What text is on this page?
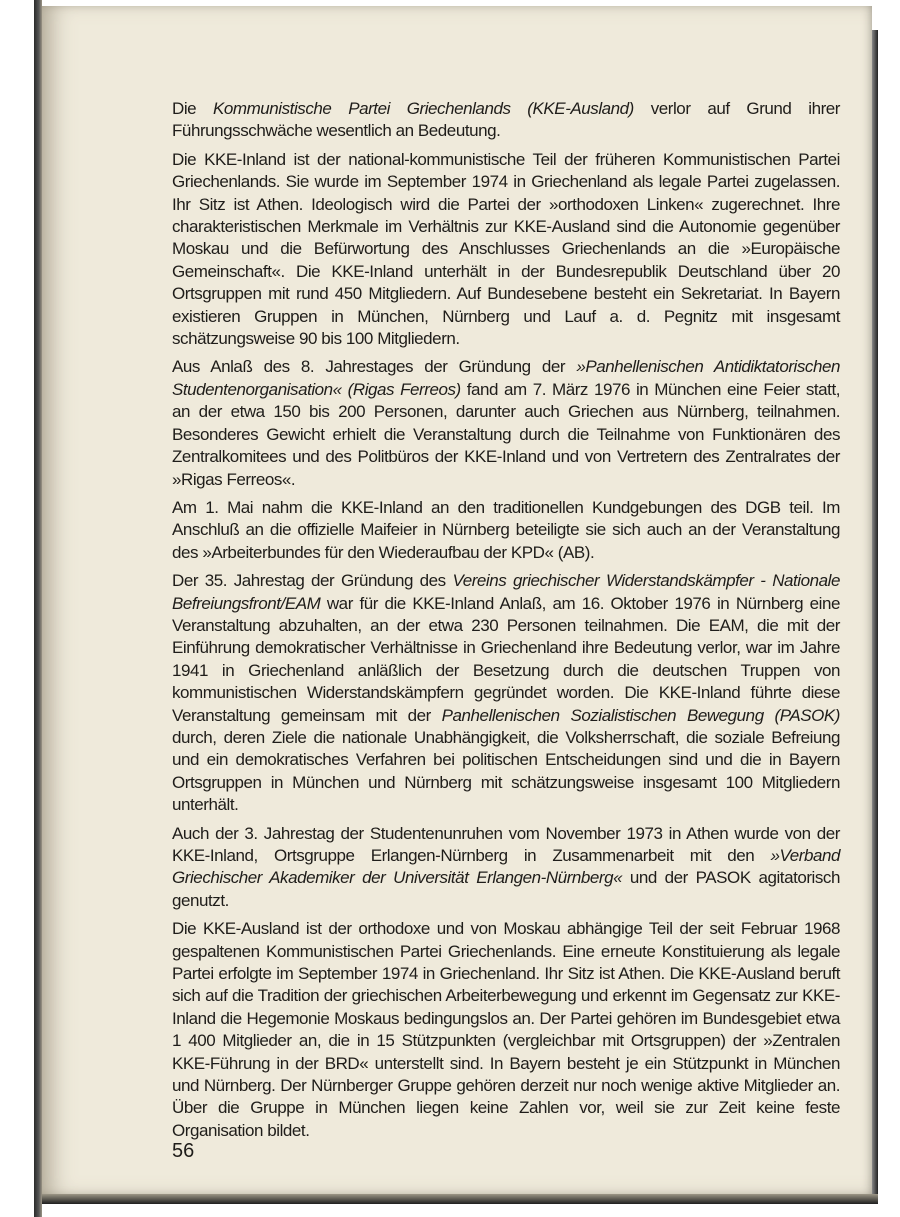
Die Kommunistische Partei Griechenlands (KKE-Ausland) verlor auf Grund ihrer Führungsschwäche wesentlich an Bedeutung.

Die KKE-Inland ist der national-kommunistische Teil der früheren Kommunistischen Partei Griechenlands. Sie wurde im September 1974 in Griechenland als legale Partei zugelassen. Ihr Sitz ist Athen. Ideologisch wird die Partei der »orthodoxen Linken« zugerechnet. Ihre charakteristischen Merkmale im Verhältnis zur KKE-Ausland sind die Autonomie gegenüber Moskau und die Befürwortung des Anschlusses Griechenlands an die »Europäische Gemeinschaft«. Die KKE-Inland unterhält in der Bundesrepublik Deutschland über 20 Ortsgruppen mit rund 450 Mitgliedern. Auf Bundesebene besteht ein Sekretariat. In Bayern existieren Gruppen in München, Nürnberg und Lauf a. d. Pegnitz mit insgesamt schätzungsweise 90 bis 100 Mitgliedern.

Aus Anlaß des 8. Jahrestages der Gründung der »Panhellenischen Antidiktatorischen Studentenorganisation« (Rigas Ferreos) fand am 7. März 1976 in München eine Feier statt, an der etwa 150 bis 200 Personen, darunter auch Griechen aus Nürnberg, teilnahmen. Besonderes Gewicht erhielt die Veranstaltung durch die Teilnahme von Funktionären des Zentralkomitees und des Politbüros der KKE-Inland und von Vertretern des Zentralrates der »Rigas Ferreos«.

Am 1. Mai nahm die KKE-Inland an den traditionellen Kundgebungen des DGB teil. Im Anschluß an die offizielle Maifeier in Nürnberg beteiligte sie sich auch an der Veranstaltung des »Arbeiterbundes für den Wiederaufbau der KPD« (AB).

Der 35. Jahrestag der Gründung des Vereins griechischer Widerstandskämpfer - Nationale Befreiungsfront/EAM war für die KKE-Inland Anlaß, am 16. Oktober 1976 in Nürnberg eine Veranstaltung abzuhalten, an der etwa 230 Personen teilnahmen. Die EAM, die mit der Einführung demokratischer Verhältnisse in Griechenland ihre Bedeutung verlor, war im Jahre 1941 in Griechenland anläßlich der Besetzung durch die deutschen Truppen von kommunistischen Widerstandskämpfern gegründet worden. Die KKE-Inland führte diese Veranstaltung gemeinsam mit der Panhellenischen Sozialistischen Bewegung (PASOK) durch, deren Ziele die nationale Unabhängigkeit, die Volksherrschaft, die soziale Befreiung und ein demokratisches Verfahren bei politischen Entscheidungen sind und die in Bayern Ortsgruppen in München und Nürnberg mit schätzungsweise insgesamt 100 Mitgliedern unterhält.

Auch der 3. Jahrestag der Studentenunruhen vom November 1973 in Athen wurde von der KKE-Inland, Ortsgruppe Erlangen-Nürnberg in Zusammenarbeit mit den »Verband Griechischer Akademiker der Universität Erlangen-Nürnberg« und der PASOK agitatorisch genutzt.

Die KKE-Ausland ist der orthodoxe und von Moskau abhängige Teil der seit Februar 1968 gespaltenen Kommunistischen Partei Griechenlands. Eine erneute Konstituierung als legale Partei erfolgte im September 1974 in Griechenland. Ihr Sitz ist Athen. Die KKE-Ausland beruft sich auf die Tradition der griechischen Arbeiterbewegung und erkennt im Gegensatz zur KKE-Inland die Hegemonie Moskaus bedingungslos an. Der Partei gehören im Bundesgebiet etwa 1 400 Mitglieder an, die in 15 Stützpunkten (vergleichbar mit Ortsgruppen) der »Zentralen KKE-Führung in der BRD« unterstellt sind. In Bayern besteht je ein Stützpunkt in München und Nürnberg. Der Nürnberger Gruppe gehören derzeit nur noch wenige aktive Mitglieder an. Über die Gruppe in München liegen keine Zahlen vor, weil sie zur Zeit keine feste Organisation bildet.

56
